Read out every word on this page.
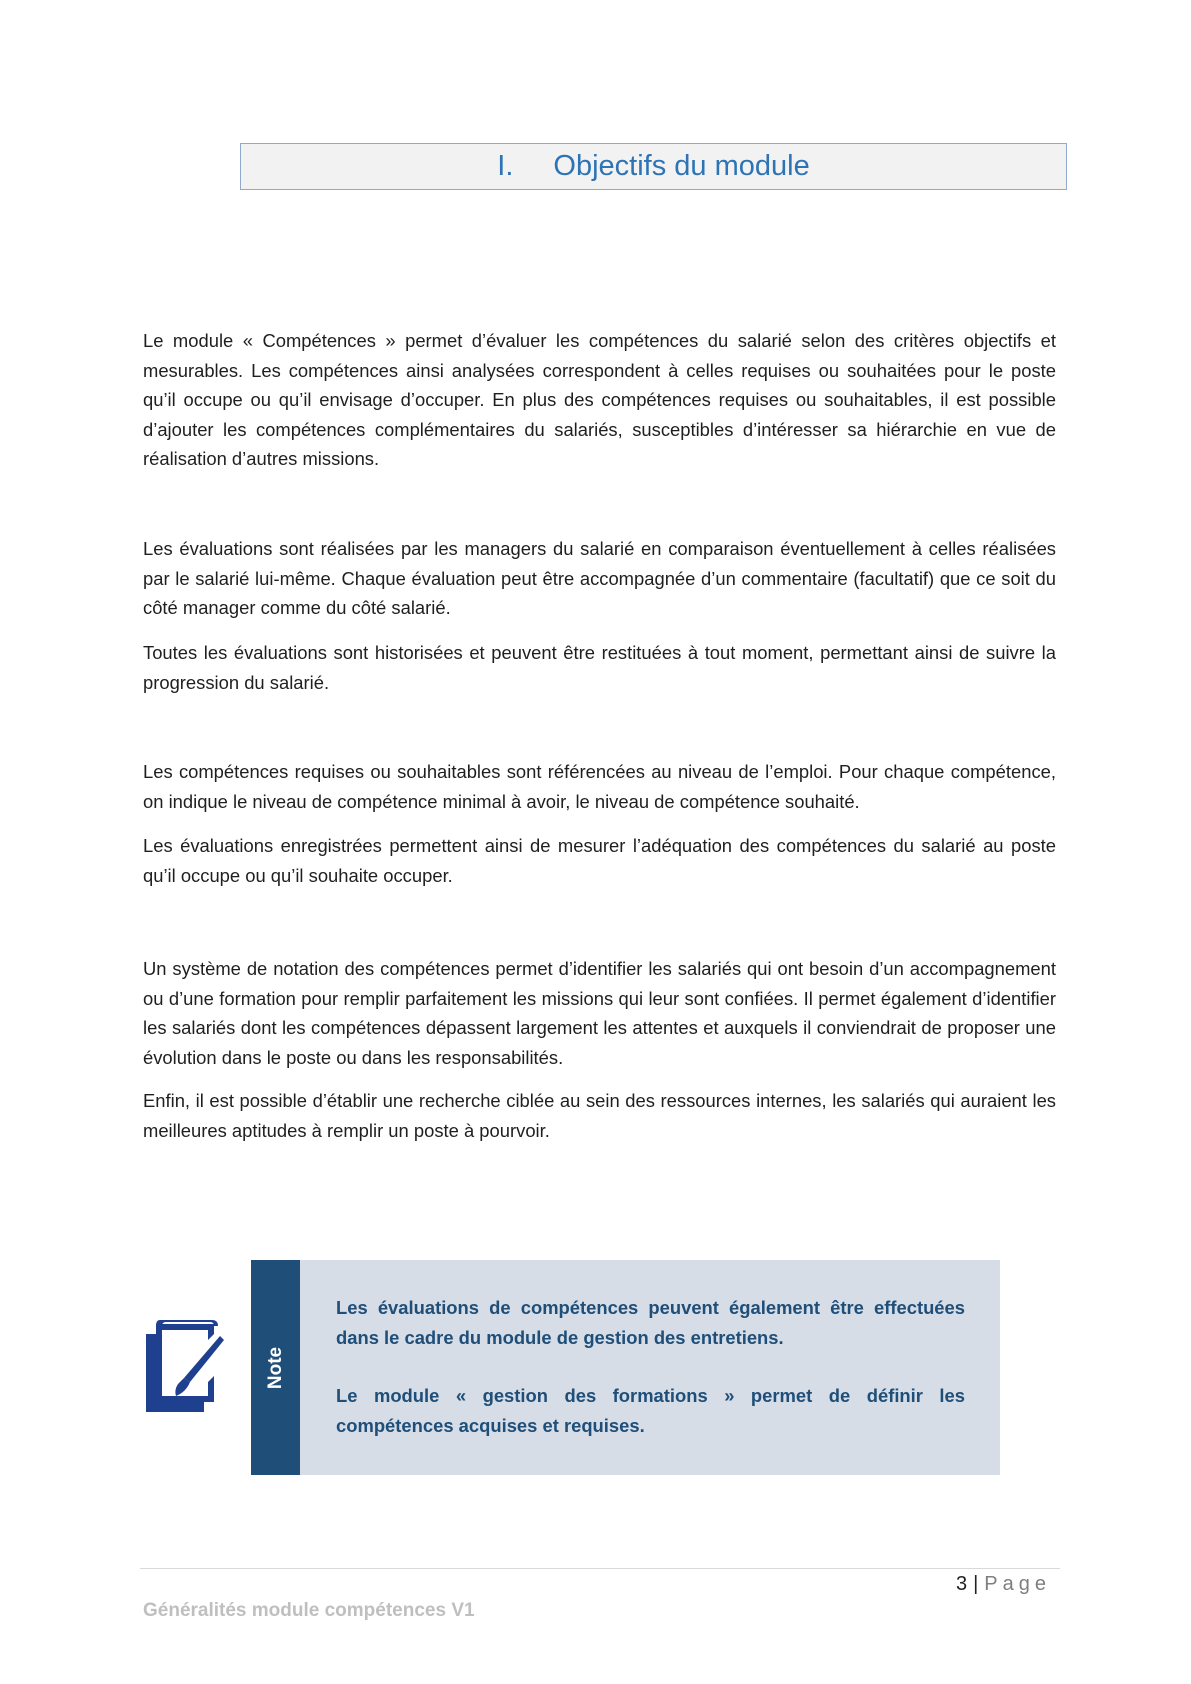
I. Objectifs du module

Le module « Compétences » permet d’évaluer les compétences du salarié selon des critères objectifs et mesurables. Les compétences ainsi analysées correspondent à celles requises ou souhaitées pour le poste qu’il occupe ou qu’il envisage d’occuper. En plus des compétences requises ou souhaitables, il est possible d’ajouter les compétences complémentaires du salariés, susceptibles d’intéresser sa hiérarchie en vue de réalisation d’autres missions.

Les évaluations sont réalisées par les managers du salarié en comparaison éventuellement à celles réalisées par le salarié lui-même. Chaque évaluation peut être accompagnée d’un commentaire (facultatif) que ce soit du côté manager comme du côté salarié.

Toutes les évaluations sont historisées et peuvent être restituées à tout moment, permettant ainsi de suivre la progression du salarié.

Les compétences requises ou souhaitables sont référencées au niveau de l’emploi. Pour chaque compétence, on indique le niveau de compétence minimal à avoir, le niveau de compétence souhaité.

Les évaluations enregistrées permettent ainsi de mesurer l’adéquation des compétences du salarié au poste qu’il occupe ou qu’il souhaite occuper.

Un système de notation des compétences permet d’identifier les salariés qui ont besoin d’un accompagnement ou d’une formation pour remplir parfaitement les missions qui leur sont confiées. Il permet également d’identifier les salariés dont les compétences dépassent largement les attentes et auxquels il conviendrait de proposer une évolution dans le poste ou dans les responsabilités.

Enfin, il est possible d’établir une recherche ciblée au sein des ressources internes, les salariés qui auraient les meilleures aptitudes à remplir un poste à pourvoir.

Note

Les évaluations de compétences peuvent également être effectuées dans le cadre du module de gestion des entretiens.

Le module « gestion des formations » permet de définir les compétences acquises et requises.

3 | Page
Généralités module compétences V1
